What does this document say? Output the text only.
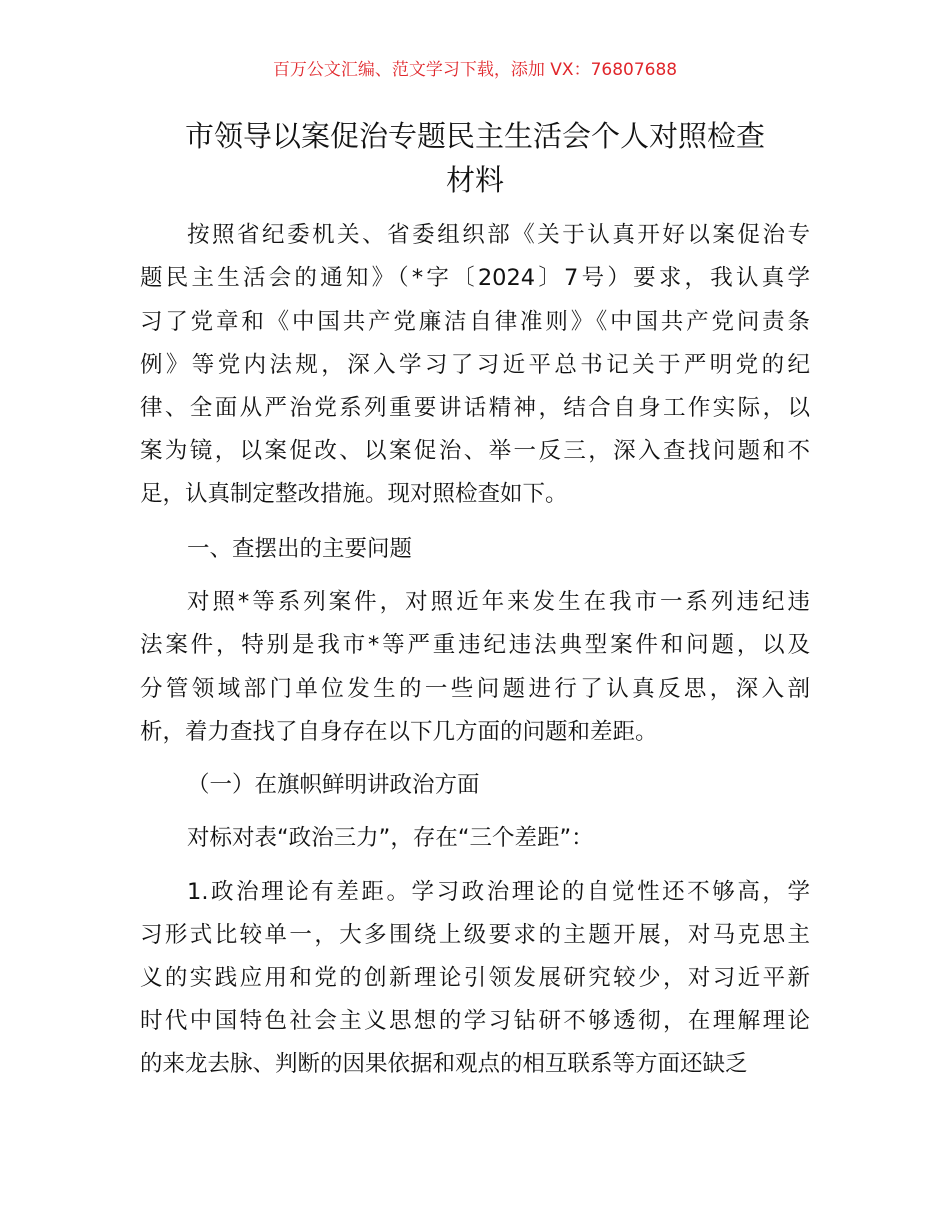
百万公文汇编、范文学习下载，添加 VX：76807688
市领导以案促治专题民主生活会个人对照检查
材料
按照省纪委机关、省委组织部《关于认真开好以案促治专
题民主生活会的通知》（*字〔2024〕7号）要求，我认真学
习了党章和《中国共产党廉洁自律准则》《中国共产党问责条
例》等党内法规，深入学习了习近平总书记关于严明党的纪
律、全面从严治党系列重要讲话精神，结合自身工作实际，以
案为镜，以案促改、以案促治、举一反三，深入查找问题和不
足，认真制定整改措施。现对照检查如下。
一、查摆出的主要问题
对照*等系列案件，对照近年来发生在我市一系列违纪违
法案件，特别是我市*等严重违纪违法典型案件和问题，以及
分管领域部门单位发生的一些问题进行了认真反思，深入剖
析，着力查找了自身存在以下几方面的问题和差距。
（一）在旗帜鲜明讲政治方面
对标对表“政治三力”，存在“三个差距”：
1.政治理论有差距。学习政治理论的自觉性还不够高，学
习形式比较单一，大多围绕上级要求的主题开展，对马克思主
义的实践应用和党的创新理论引领发展研究较少，对习近平新
时代中国特色社会主义思想的学习钻研不够透彻，在理解理论
的来龙去脉、判断的因果依据和观点的相互联系等方面还缺乏
